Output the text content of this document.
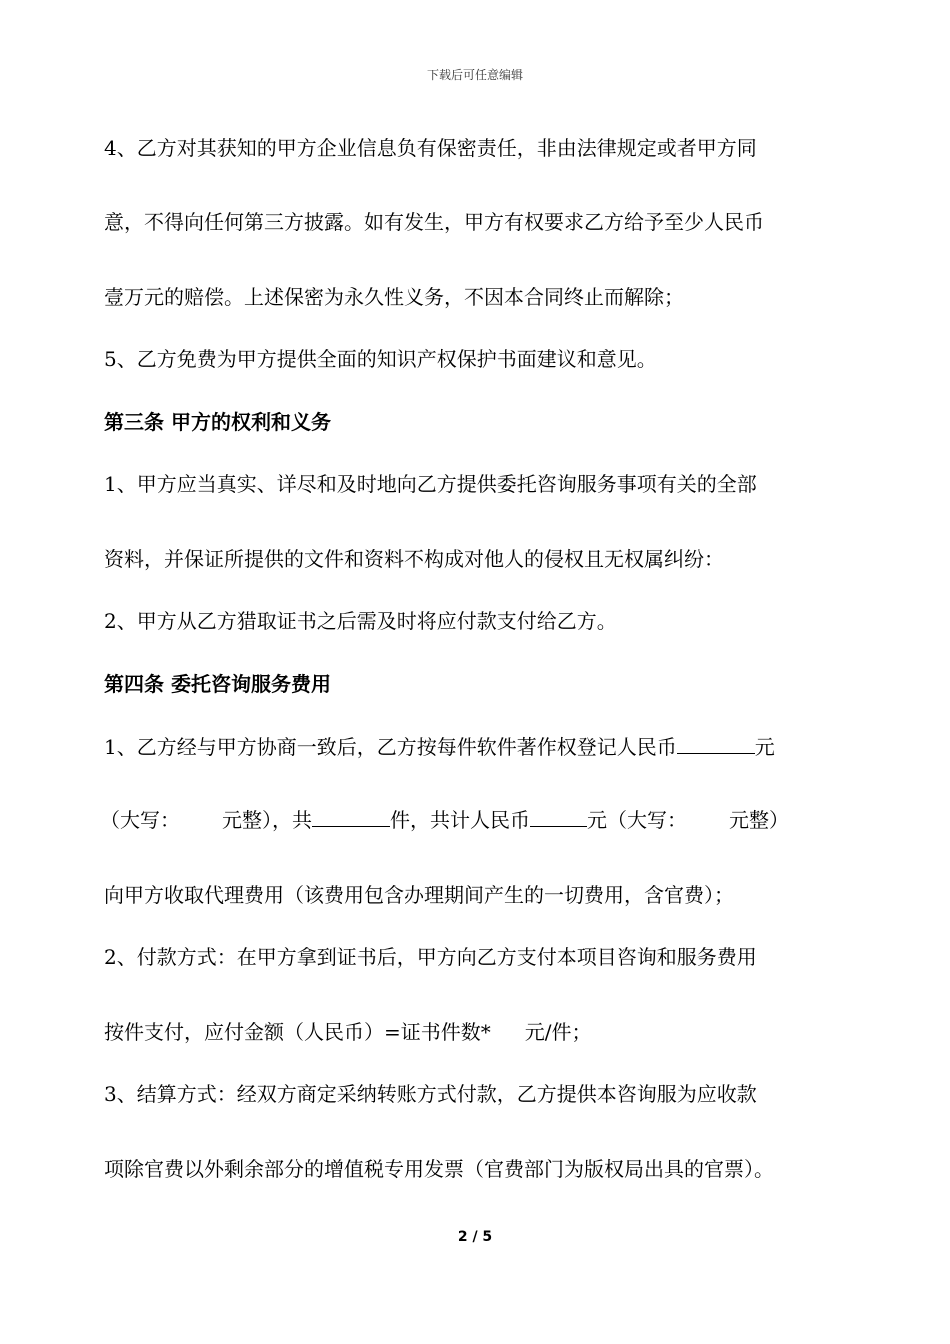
下载后可任意编辑
4、乙方对其获知的甲方企业信息负有保密责任，非由法律规定或者甲方同
意，不得向任何第三方披露。如有发生，甲方有权要求乙方给予至少人民币
壹万元的赔偿。上述保密为永久性义务，不因本合同终止而解除；
5、乙方免费为甲方提供全面的知识产权保护书面建议和意见。
第三条 甲方的权利和义务
1、甲方应当真实、详尽和及时地向乙方提供委托咨询服务事项有关的全部
资料，并保证所提供的文件和资料不构成对他人的侵权且无权属纠纷：
2、甲方从乙方猎取证书之后需及时将应付款支付给乙方。
第四条 委托咨询服务费用
1、乙方经与甲方协商一致后，乙方按每件软件著作权登记人民币	元
（大写： 元整），共	件，共计人民币	元（大写： 元整）
向甲方收取代理费用（该费用包含办理期间产生的一切费用，含官费）；
2、付款方式：在甲方拿到证书后，甲方向乙方支付本项目咨询和服务费用
按件支付，应付金额（人民币）=证书件数* 元/件；
3、结算方式：经双方商定采纳转账方式付款，乙方提供本咨询服为应收款
项除官费以外剩余部分的增值税专用发票（官费部门为版权局出具的官票）。
2 / 5
